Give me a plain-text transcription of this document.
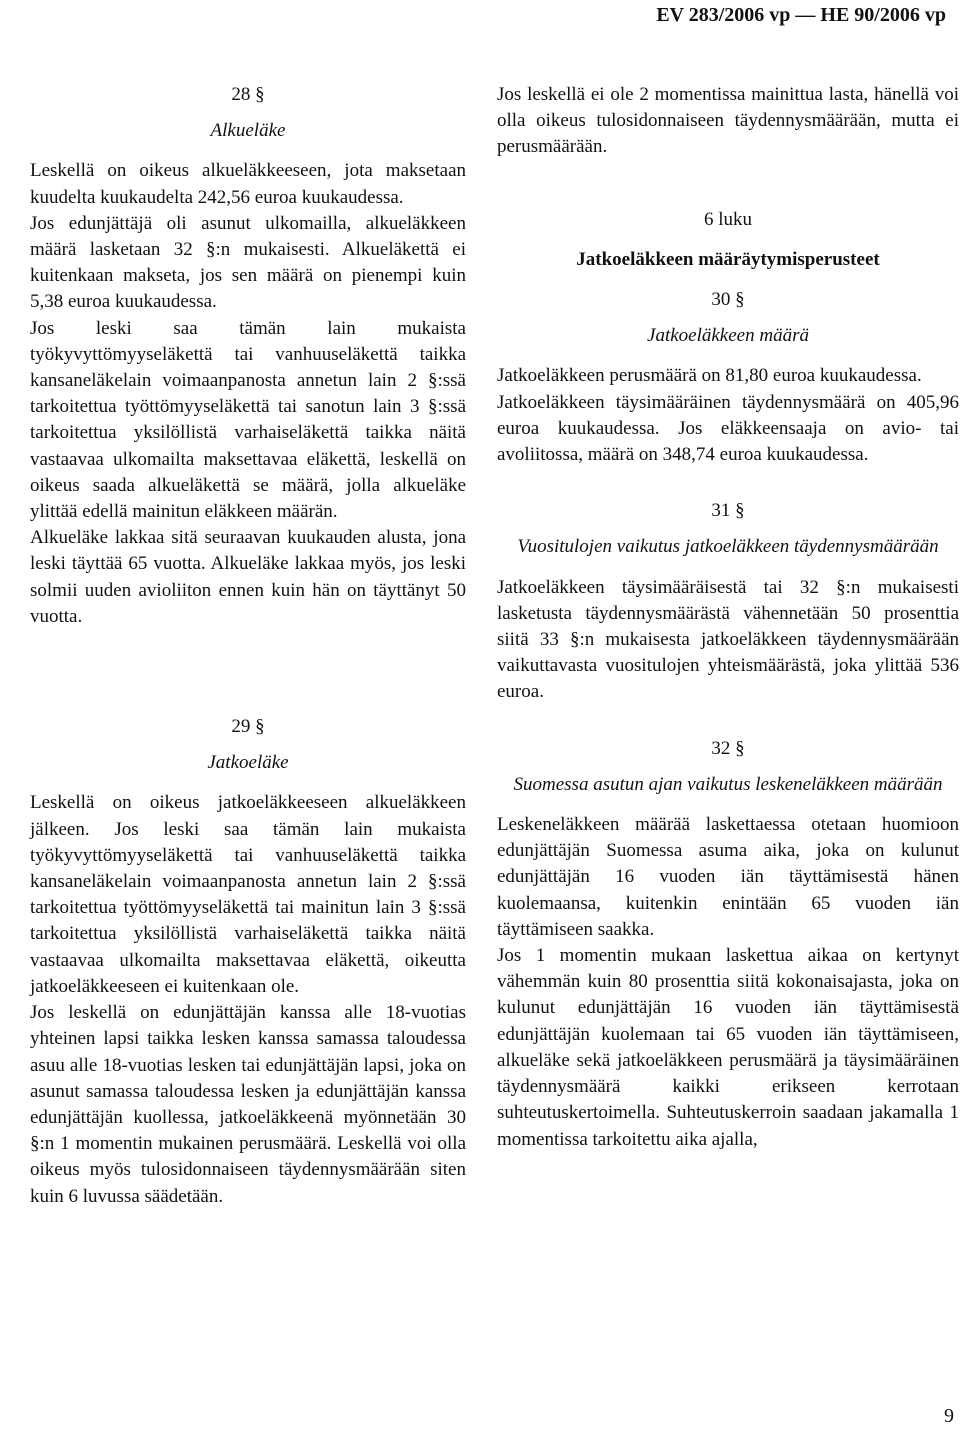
EV 283/2006 vp — HE 90/2006 vp
28 §
Alkueläke

Leskellä on oikeus alkueläkkeeseen, jota maksetaan kuudelta kuukaudelta 242,56 euroa kuukaudessa.

Jos edunjättäjä oli asunut ulkomailla, alkueläkkeen määrä lasketaan 32 §:n mukaisesti. Alkueläkettä ei kuitenkaan makseta, jos sen määrä on pienempi kuin 5,38 euroa kuukaudessa.

Jos leski saa tämän lain mukaista työkyvyttömyyseläkettä tai vanhuuseläkettä taikka kansaneläkelain voimaanpanosta annetun lain 2 §:ssä tarkoitettua työttömyyseläkettä tai sanotun lain 3 §:ssä tarkoitettua yksilöllistä varhaiseläkettä taikka näitä vastaavaa ulkomailta maksettavaa eläkettä, leskellä on oikeus saada alkueläkettä se määrä, jolla alkueläke ylittää edellä mainitun eläkkeen määrän.

Alkueläke lakkaa sitä seuraavan kuukauden alusta, jona leski täyttää 65 vuotta. Alkueläke lakkaa myös, jos leski solmii uuden avioliiton ennen kuin hän on täyttänyt 50 vuotta.

29 §
Jatkoeläke

Leskellä on oikeus jatkoeläkkeeseen alkueläkkeen jälkeen. Jos leski saa tämän lain mukaista työkyvyttömyyseläkettä tai vanhuuseläkettä taikka kansaneläkelain voimaanpanosta annetun lain 2 §:ssä tarkoitettua työttömyyseläkettä tai mainitun lain 3 §:ssä tarkoitettua yksilöllistä varhaiseläkettä taikka näitä vastaavaa ulkomailta maksettavaa eläkettä, oikeutta jatkoeläkkeeseen ei kuitenkaan ole.

Jos leskellä on edunjättäjän kanssa alle 18-vuotias yhteinen lapsi taikka lesken kanssa samassa taloudessa asuu alle 18-vuotias lesken tai edunjättäjän lapsi, joka on asunut samassa taloudessa lesken ja edunjättäjän kanssa edunjättäjän kuollessa, jatkoeläkkeenä myönnetään 30 §:n 1 momentin mukainen perusmäärä. Leskellä voi olla oikeus myös tulosidonnaiseen täydennysmäärään siten kuin 6 luvussa säädetään.

Jos leskellä ei ole 2 momentissa mainittua lasta, hänellä voi olla oikeus tulosidonnaiseen täydennysmäärään, mutta ei perusmäärään.

6 luku
Jatkoeläkkeen määräytymisperusteet
30 §
Jatkoeläkkeen määrä

Jatkoeläkkeen perusmäärä on 81,80 euroa kuukaudessa.

Jatkoeläkkeen täysimääräinen täydennysmäärä on 405,96 euroa kuukaudessa. Jos eläkkeensaaja on avio- tai avoliitossa, määrä on 348,74 euroa kuukaudessa.

31 §
Vuositulojen vaikutus jatkoeläkkeen täydennysmäärään

Jatkoeläkkeen täysimääräisestä tai 32 §:n mukaisesti lasketusta täydennysmäärästä vähennetään 50 prosenttia siitä 33 §:n mukaisesta jatkoeläkkeen täydennysmäärään vaikuttavasta vuositulojen yhteismäärästä, joka ylittää 536 euroa.

32 §
Suomessa asutun ajan vaikutus leskeneläkkeen määrään

Leskeneläkkeen määrää laskettaessa otetaan huomioon edunjättäjän Suomessa asuma aika, joka on kulunut edunjättäjän 16 vuoden iän täyttämisestä hänen kuolemaansa, kuitenkin enintään 65 vuoden iän täyttämiseen saakka.

Jos 1 momentin mukaan laskettua aikaa on kertynyt vähemmän kuin 80 prosenttia siitä kokonaisajasta, joka on kulunut edunjättäjän 16 vuoden iän täyttämisestä edunjättäjän kuolemaan tai 65 vuoden iän täyttämiseen, alkueläke sekä jatkoeläkkeen perusmäärä ja täysimääräinen täydennysmäärä kaikki erikseen kerrotaan suhteutuskertoimella. Suhteutuskerroin saadaan jakamalla 1 momentissa tarkoitettu aika ajalla,

9
